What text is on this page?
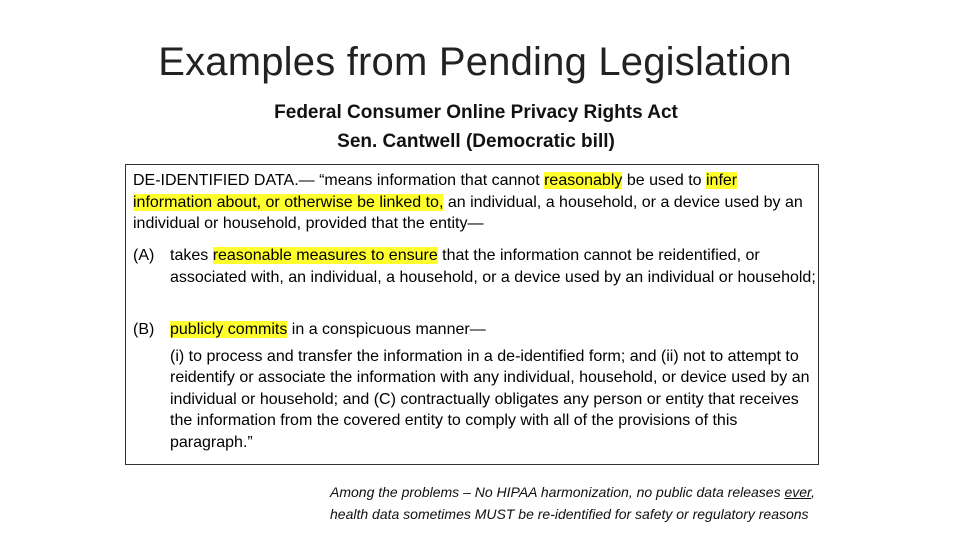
Examples from Pending Legislation
Federal Consumer Online Privacy Rights Act
Sen. Cantwell (Democratic bill)
DE-IDENTIFIED DATA.— “means information that cannot reasonably be used to infer information about, or otherwise be linked to, an individual, a household, or a device used by an individual or household, provided that the entity—
(A) takes reasonable measures to ensure that the information cannot be reidentified, or associated with, an individual, a household, or a device used by an individual or household;
(B) publicly commits in a conspicuous manner—
(i) to process and transfer the information in a de-identified form; and (ii) not to attempt to reidentify or associate the information with any individual, household, or device used by an individual or household; and (C) contractually obligates any person or entity that receives the information from the covered entity to comply with all of the provisions of this paragraph.”
Among the problems – No HIPAA harmonization, no public data releases ever,
health data sometimes MUST be re-identified for safety or regulatory reasons
